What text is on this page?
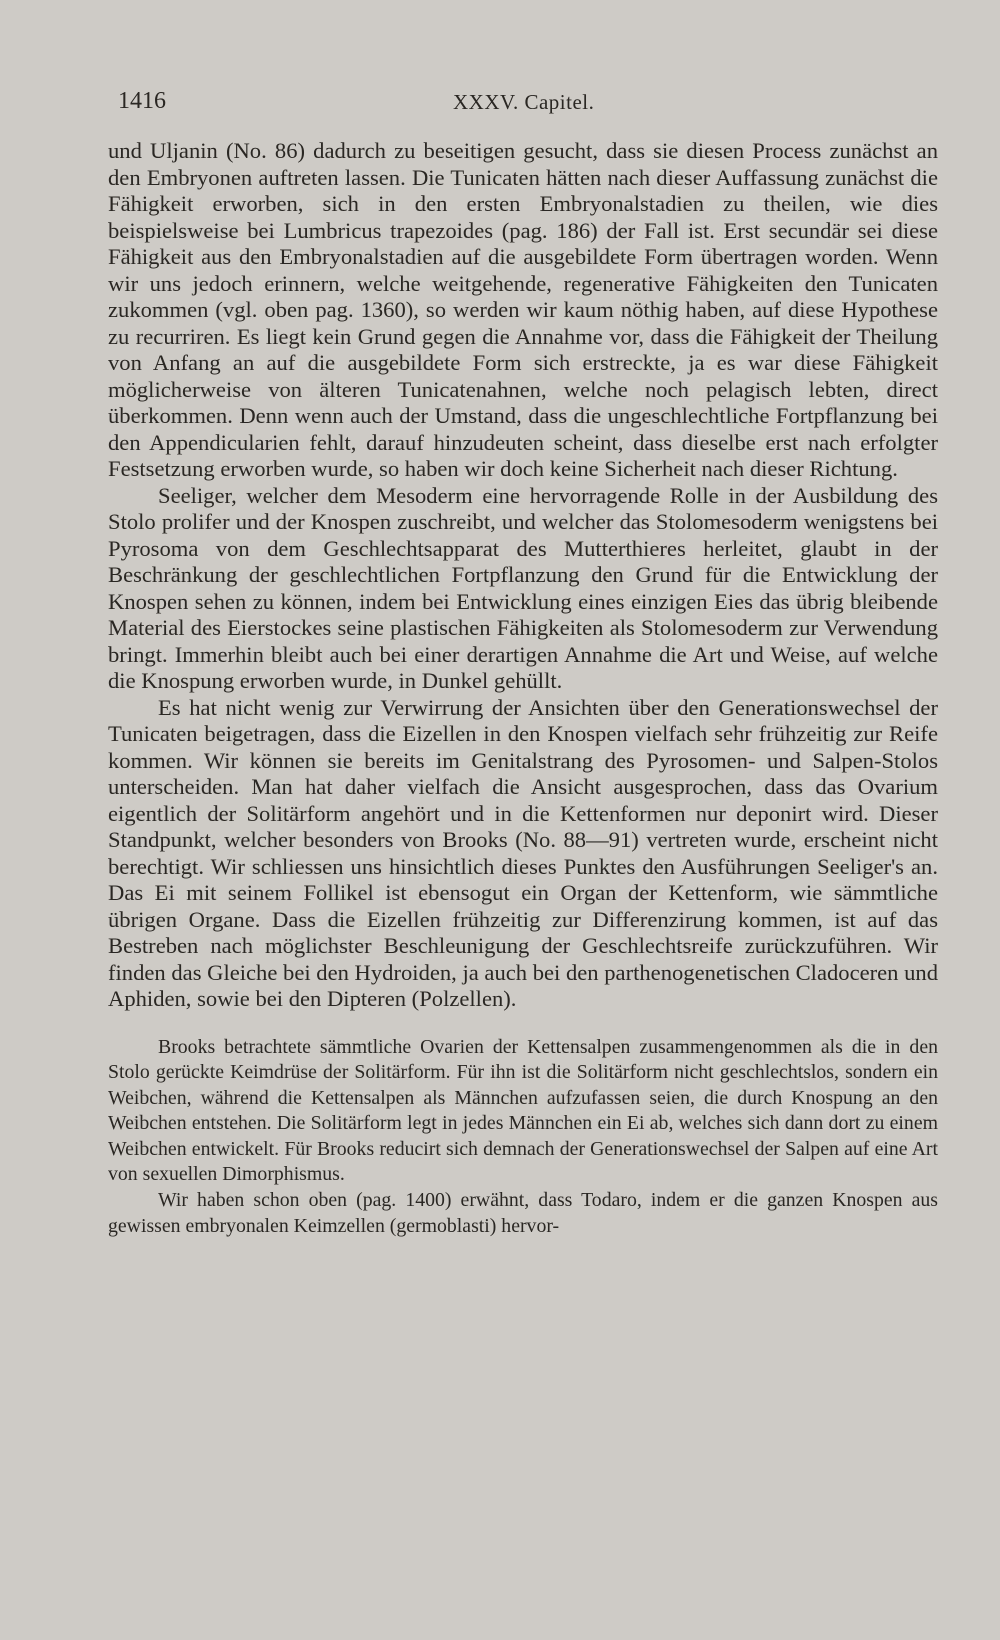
1416	XXXV. Capitel.

und Uljanin (No. 86) dadurch zu beseitigen gesucht, dass sie diesen Process zunächst an den Embryonen auftreten lassen. Die Tunicaten hätten nach dieser Auffassung zunächst die Fähigkeit erworben, sich in den ersten Embryonalstadien zu theilen, wie dies beispielsweise bei Lumbricus trapezoides (pag. 186) der Fall ist. Erst secundär sei diese Fähigkeit aus den Embryonalstadien auf die ausgebildete Form übertragen worden. Wenn wir uns jedoch erinnern, welche weitgehende, regenerative Fähigkeiten den Tunicaten zukommen (vgl. oben pag. 1360), so werden wir kaum nöthig haben, auf diese Hypothese zu recurriren. Es liegt kein Grund gegen die Annahme vor, dass die Fähigkeit der Theilung von Anfang an auf die ausgebildete Form sich erstreckte, ja es war diese Fähigkeit möglicherweise von älteren Tunicatenahnen, welche noch pelagisch lebten, direct überkommen. Denn wenn auch der Umstand, dass die ungeschlechtliche Fortpflanzung bei den Appendicularien fehlt, darauf hinzudeuten scheint, dass dieselbe erst nach erfolgter Festsetzung erworben wurde, so haben wir doch keine Sicherheit nach dieser Richtung.

Seeliger, welcher dem Mesoderm eine hervorragende Rolle in der Ausbildung des Stolo prolifer und der Knospen zuschreibt, und welcher das Stolomesoderm wenigstens bei Pyrosoma von dem Geschlechtsapparat des Mutterthieres herleitet, glaubt in der Beschränkung der geschlechtlichen Fortpflanzung den Grund für die Entwicklung der Knospen sehen zu können, indem bei Entwicklung eines einzigen Eies das übrig bleibende Material des Eierstockes seine plastischen Fähigkeiten als Stolomesoderm zur Verwendung bringt. Immerhin bleibt auch bei einer derartigen Annahme die Art und Weise, auf welche die Knospung erworben wurde, in Dunkel gehüllt.

Es hat nicht wenig zur Verwirrung der Ansichten über den Generationswechsel der Tunicaten beigetragen, dass die Eizellen in den Knospen vielfach sehr frühzeitig zur Reife kommen. Wir können sie bereits im Genitalstrang des Pyrosomen- und Salpen-Stolos unterscheiden. Man hat daher vielfach die Ansicht ausgesprochen, dass das Ovarium eigentlich der Solitärform angehört und in die Kettenformen nur deponirt wird. Dieser Standpunkt, welcher besonders von Brooks (No. 88—91) vertreten wurde, erscheint nicht berechtigt. Wir schliessen uns hinsichtlich dieses Punktes den Ausführungen Seeliger's an. Das Ei mit seinem Follikel ist ebensogut ein Organ der Kettenform, wie sämmtliche übrigen Organe. Dass die Eizellen frühzeitig zur Differenzirung kommen, ist auf das Bestreben nach möglichster Beschleunigung der Geschlechtsreife zurückzuführen. Wir finden das Gleiche bei den Hydroiden, ja auch bei den parthenogenetischen Cladoceren und Aphiden, sowie bei den Dipteren (Polzellen).

Brooks betrachtete sämmtliche Ovarien der Kettensalpen zusammengenommen als die in den Stolo gerückte Keimdrüse der Solitärform. Für ihn ist die Solitärform nicht geschlechtslos, sondern ein Weibchen, während die Kettensalpen als Männchen aufzufassen seien, die durch Knospung an den Weibchen entstehen. Die Solitärform legt in jedes Männchen ein Ei ab, welches sich dann dort zu einem Weibchen entwickelt. Für Brooks reducirt sich demnach der Generationswechsel der Salpen auf eine Art von sexuellen Dimorphismus.

Wir haben schon oben (pag. 1400) erwähnt, dass Todaro, indem er die ganzen Knospen aus gewissen embryonalen Keimzellen (germoblasti) hervor-
